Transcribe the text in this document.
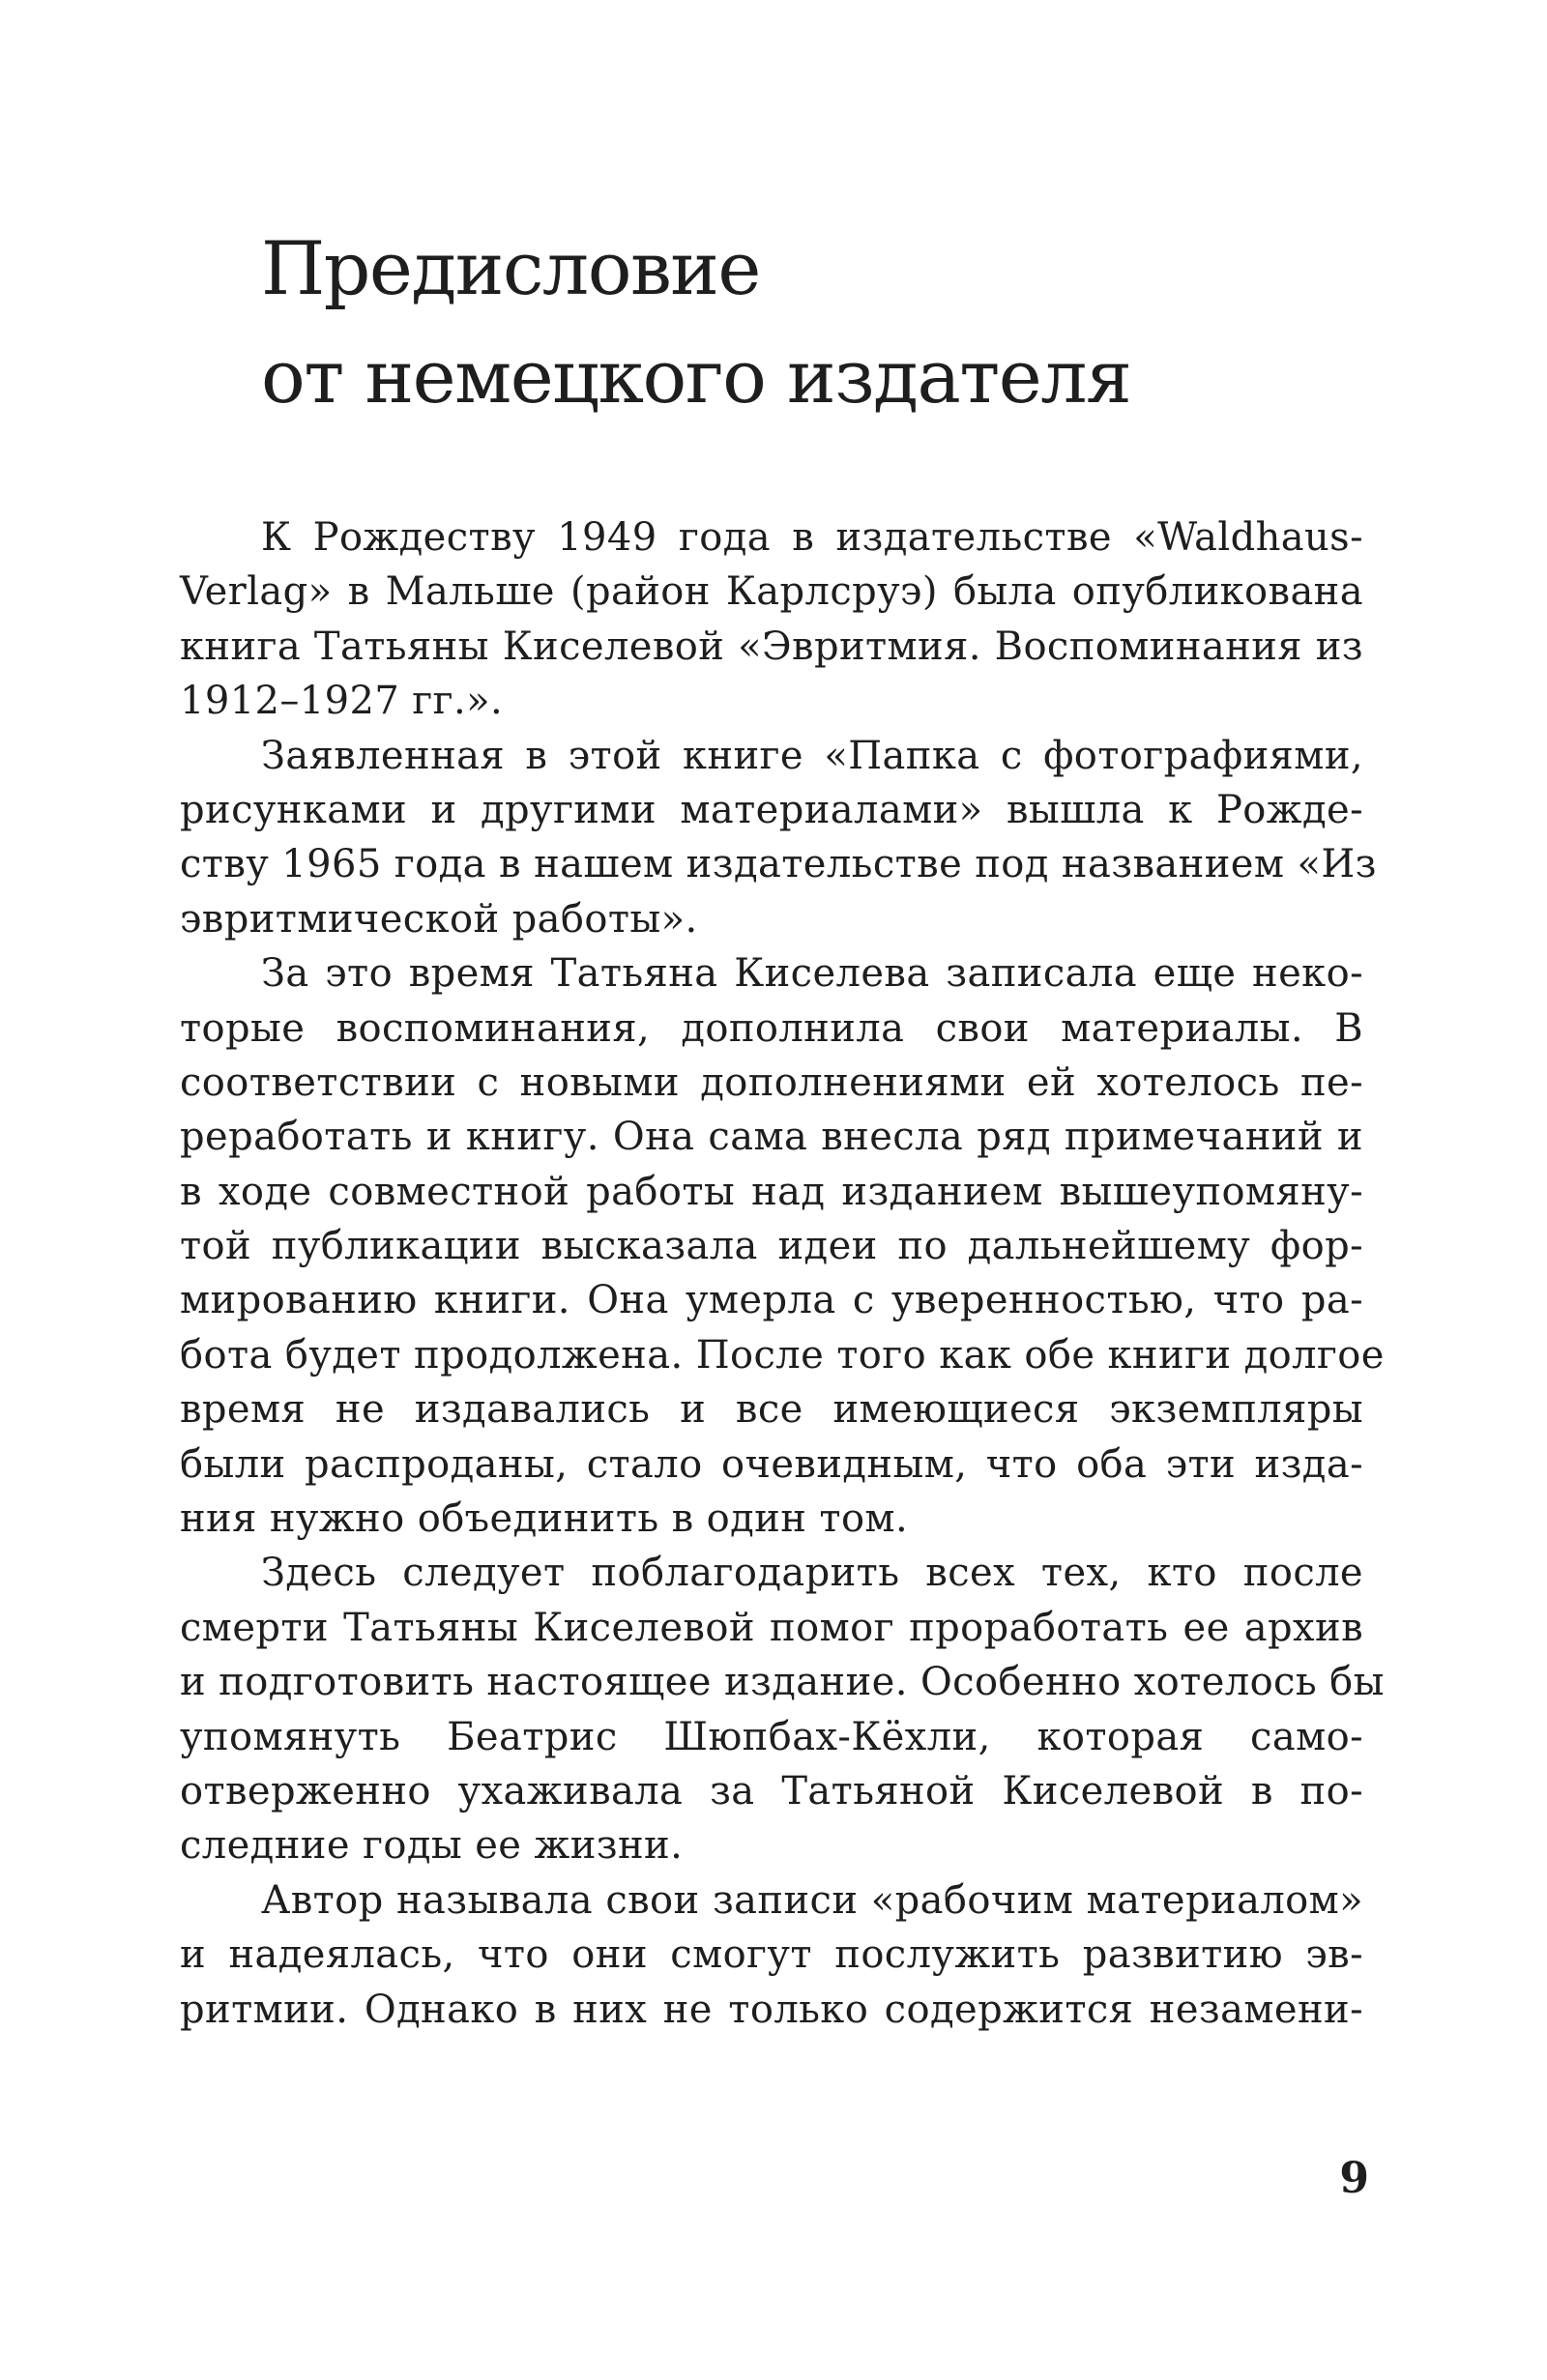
Предисловие
от немецкого издателя

К Рождеству 1949 года в издательстве «Waldhaus-
Verlag» в Мальше (район Карлсруэ) была опубликована
книга Татьяны Киселевой «Эвритмия. Воспоминания из
1912–1927 гг.».

Заявленная в этой книге «Папка с фотографиями,
рисунками и другими материалами» вышла к Рожде-
ству 1965 года в нашем издательстве под названием «Из
эвритмической работы».

За это время Татьяна Киселева записала еще неко-
торые воспоминания, дополнила свои материалы. В
соответствии с новыми дополнениями ей хотелось пе-
реработать и книгу. Она сама внесла ряд примечаний и
в ходе совместной работы над изданием вышеупомяну-
той публикации высказала идеи по дальнейшему фор-
мированию книги. Она умерла с уверенностью, что ра-
бота будет продолжена. После того как обе книги долгое
время не издавались и все имеющиеся экземпляры
были распроданы, стало очевидным, что оба эти изда-
ния нужно объединить в один том.

Здесь следует поблагодарить всех тех, кто после
смерти Татьяны Киселевой помог проработать ее архив
и подготовить настоящее издание. Особенно хотелось бы
упомянуть Беатрис Шюпбах-Кёхли, которая само-
отверженно ухаживала за Татьяной Киселевой в по-
следние годы ее жизни.

Автор называла свои записи «рабочим материалом»
и надеялась, что они смогут послужить развитию эв-
ритмии. Однако в них не только содержится незамени-

9
